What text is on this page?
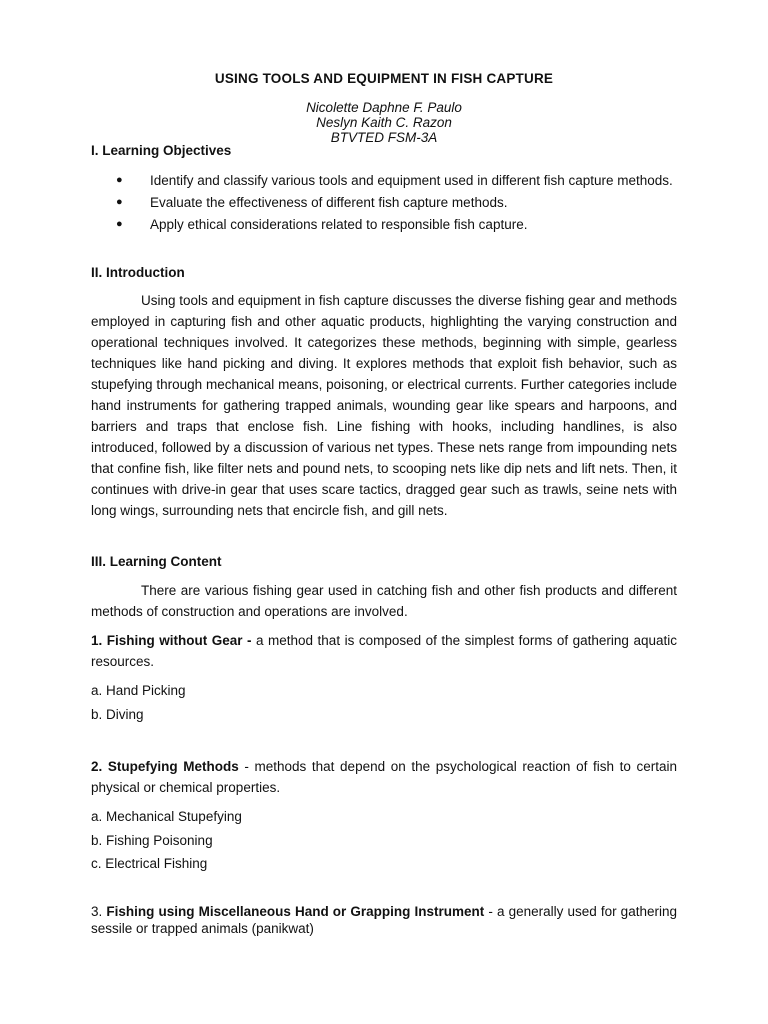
USING TOOLS AND EQUIPMENT IN FISH CAPTURE
Nicolette Daphne F. Paulo
Neslyn Kaith C. Razon
BTVTED FSM-3A
I. Learning Objectives
● Identify and classify various tools and equipment used in different fish capture methods.
● Evaluate the effectiveness of different fish capture methods.
● Apply ethical considerations related to responsible fish capture.
II. Introduction

Using tools and equipment in fish capture discusses the diverse fishing gear and methods employed in capturing fish and other aquatic products, highlighting the varying construction and operational techniques involved. It categorizes these methods, beginning with simple, gearless techniques like hand picking and diving. It explores methods that exploit fish behavior, such as stupefying through mechanical means, poisoning, or electrical currents. Further categories include hand instruments for gathering trapped animals, wounding gear like spears and harpoons, and barriers and traps that enclose fish. Line fishing with hooks, including handlines, is also introduced, followed by a discussion of various net types. These nets range from impounding nets that confine fish, like filter nets and pound nets, to scooping nets like dip nets and lift nets. Then, it continues with drive-in gear that uses scare tactics, dragged gear such as trawls, seine nets with long wings, surrounding nets that encircle fish, and gill nets.

III. Learning Content

There are various fishing gear used in catching fish and other fish products and different methods of construction and operations are involved.

1. Fishing without Gear - a method that is composed of the simplest forms of gathering aquatic resources.

a. Hand Picking
b. Diving

2. Stupefying Methods - methods that depend on the psychological reaction of fish to certain physical or chemical properties.

a. Mechanical Stupefying
b. Fishing Poisoning
c. Electrical Fishing

3. Fishing using Miscellaneous Hand or Grapping Instrument - a generally used for gathering sessile or trapped animals (panikwat)
